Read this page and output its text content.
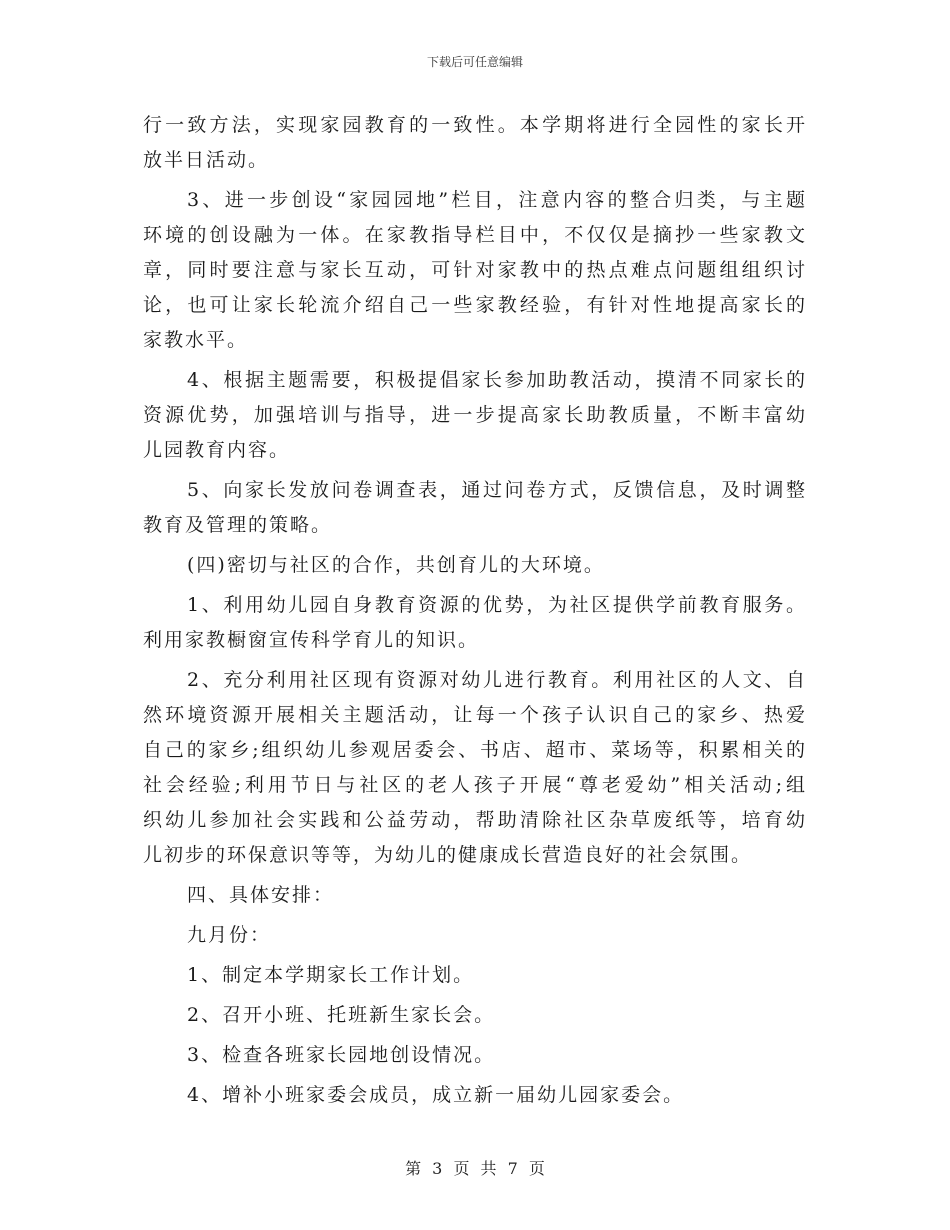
下载后可任意编辑
行一致方法，实现家园教育的一致性。本学期将进行全园性的家长开
放半日活动。
3、进一步创设“家园园地”栏目，注意内容的整合归类，与主题
环境的创设融为一体。在家教指导栏目中，不仅仅是摘抄一些家教文
章，同时要注意与家长互动，可针对家教中的热点难点问题组组织讨
论，也可让家长轮流介绍自己一些家教经验，有针对性地提高家长的
家教水平。
4、根据主题需要，积极提倡家长参加助教活动，摸清不同家长的
资源优势，加强培训与指导，进一步提高家长助教质量，不断丰富幼
儿园教育内容。
5、向家长发放问卷调查表，通过问卷方式，反馈信息，及时调整
教育及管理的策略。
(四)密切与社区的合作，共创育儿的大环境。
1、利用幼儿园自身教育资源的优势，为社区提供学前教育服务。
利用家教橱窗宣传科学育儿的知识。
2、充分利用社区现有资源对幼儿进行教育。利用社区的人文、自
然环境资源开展相关主题活动，让每一个孩子认识自己的家乡、热爱
自己的家乡;组织幼儿参观居委会、书店、超市、菜场等，积累相关的
社会经验;利用节日与社区的老人孩子开展“尊老爱幼”相关活动;组
织幼儿参加社会实践和公益劳动，帮助清除社区杂草废纸等，培育幼
儿初步的环保意识等等，为幼儿的健康成长营造良好的社会氛围。
四、具体安排：
九月份：
1、制定本学期家长工作计划。
2、召开小班、托班新生家长会。
3、检查各班家长园地创设情况。
4、增补小班家委会成员，成立新一届幼儿园家委会。
第 3 页 共 7 页
